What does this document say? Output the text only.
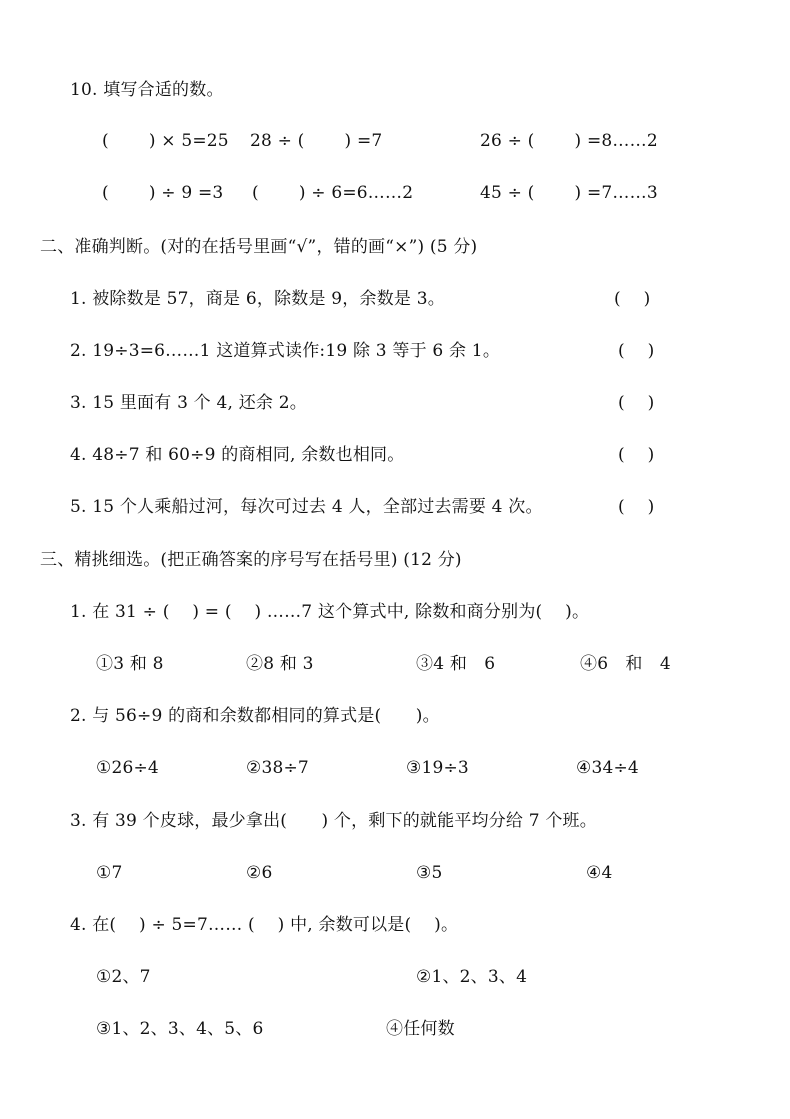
10. 填写合适的数。
(　　 ) × 5=25 28 ÷ (　　 ) =7	26 ÷ (　　 ) =8……2
(　　 ) ÷ 9 =3 (　　 ) ÷ 6=6……2	45 ÷ (　　 ) =7……3
二、准确判断。(对的在括号里画“√”，错的画“×”) (5 分)
1. 被除数是 57，商是 6，除数是 9，余数是 3。	(　 )
2. 19÷3=6……1 这道算式读作:19 除 3 等于 6 余 1。	(　 )
3. 15 里面有 3 个 4, 还余 2。	(　 )
4. 48÷7 和 60÷9 的商相同, 余数也相同。	(　 )
5. 15 个人乘船过河，每次可过去 4 人，全部过去需要 4 次。	(　 )
三、精挑细选。(把正确答案的序号写在括号里) (12 分)
1. 在 31 ÷ (　 ) = (　 ) ……7 这个算式中, 除数和商分别为(　 )。
①3 和 8	②8 和 3	③4 和　6	④6　和　4
2. 与 56÷9 的商和余数都相同的算式是(　　)。
①26÷4	②38÷7	③19÷3	④34÷4
3. 有 39 个皮球，最少拿出(　　) 个，剩下的就能平均分给 7 个班。
①7	②6	③5	④4
4. 在(　 ) ÷ 5=7…… (　 ) 中, 余数可以是(　 )。
①2、7	②1、2、3、4
③1、2、3、4、5、6	④任何数
